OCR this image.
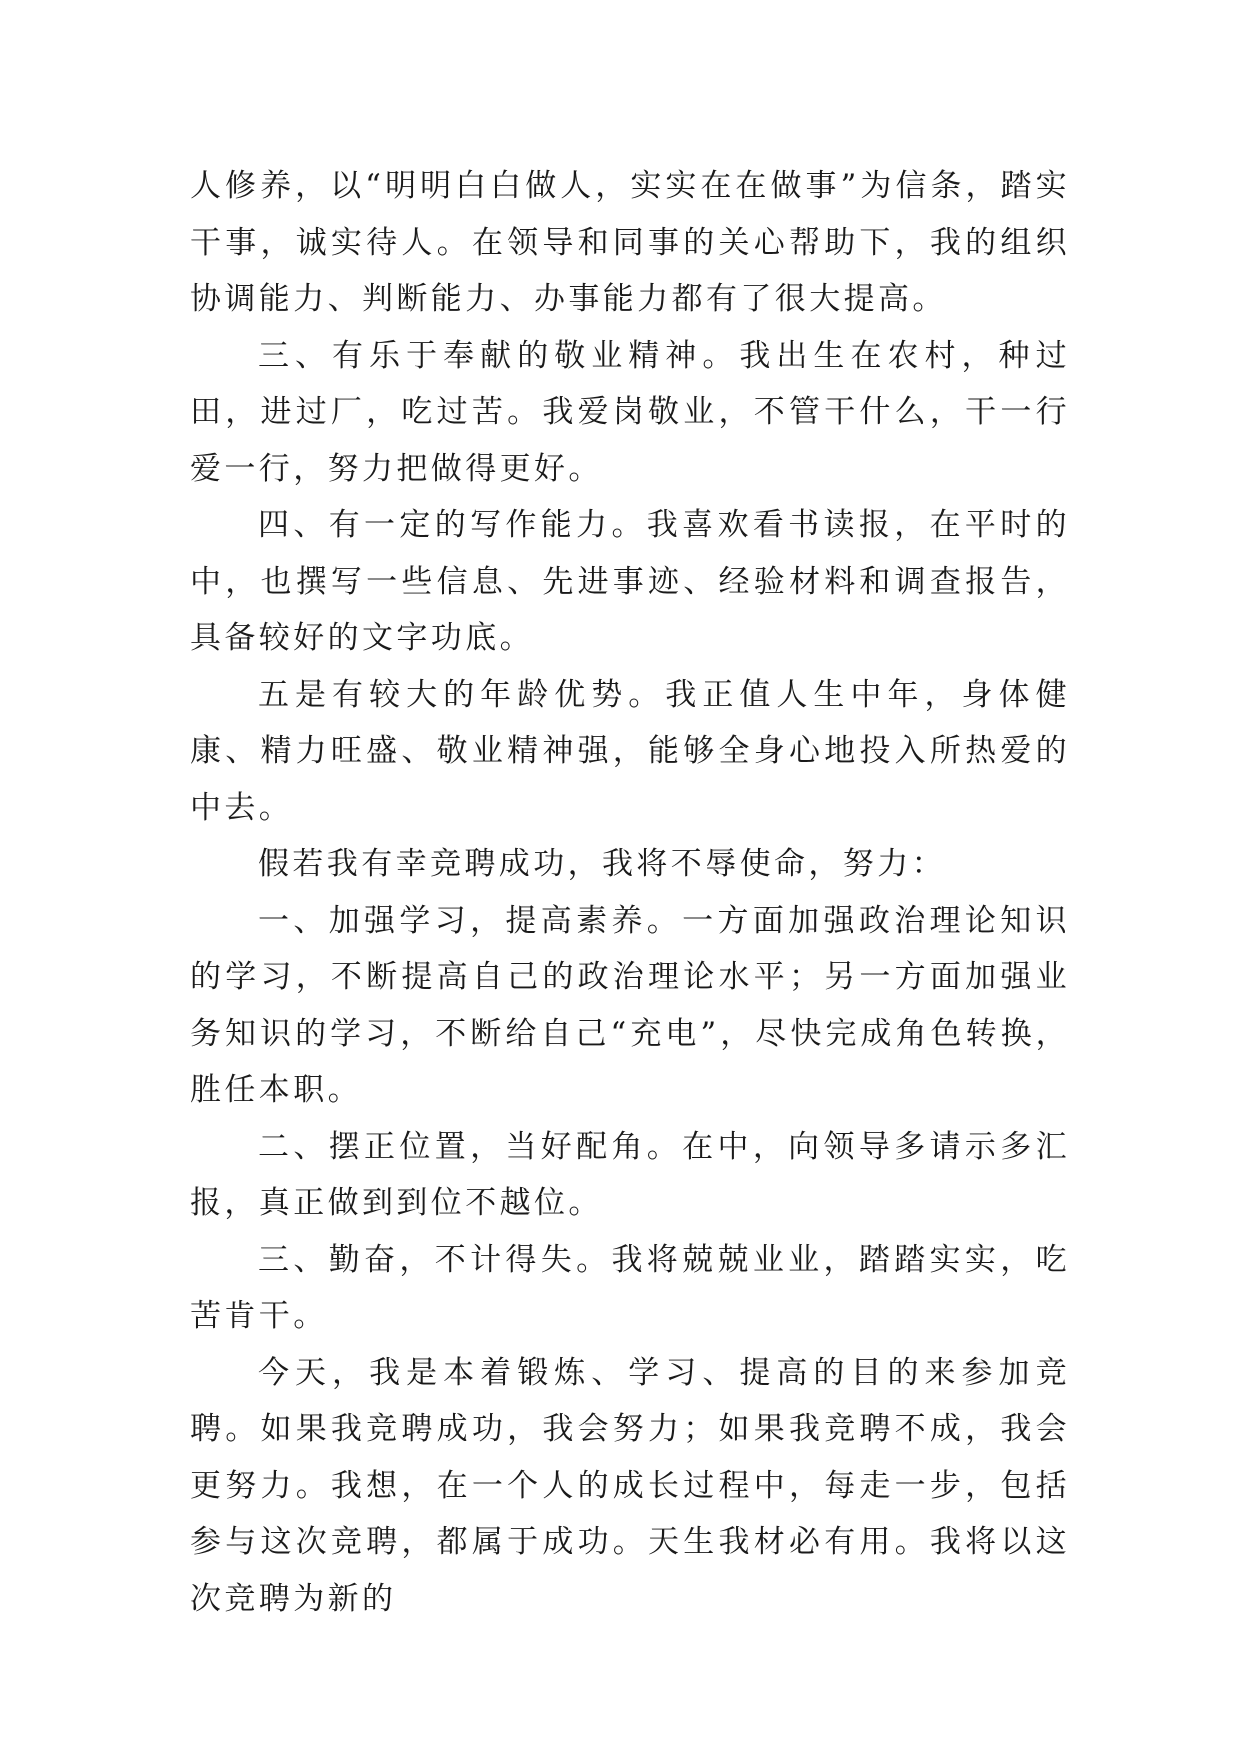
人修养，以“明明白白做人，实实在在做事”为信条，踏实干事，诚实待人。在领导和同事的关心帮助下，我的组织协调能力、判断能力、办事能力都有了很大提高。

三、有乐于奉献的敬业精神。我出生在农村，种过田，进过厂，吃过苦。我爱岗敬业，不管干什么，干一行爱一行，努力把做得更好。

四、有一定的写作能力。我喜欢看书读报，在平时的中，也撰写一些信息、先进事迹、经验材料和调查报告，具备较好的文字功底。

五是有较大的年龄优势。我正值人生中年，身体健康、精力旺盛、敬业精神强，能够全身心地投入所热爱的中去。

假若我有幸竞聘成功，我将不辱使命，努力：

一、加强学习，提高素养。一方面加强政治理论知识的学习，不断提高自己的政治理论水平；另一方面加强业务知识的学习，不断给自己“充电”，尽快完成角色转换，胜任本职。

二、摆正位置，当好配角。在中，向领导多请示多汇报，真正做到到位不越位。

三、勤奋，不计得失。我将兢兢业业，踏踏实实，吃苦肯干。

今天，我是本着锻炼、学习、提高的目的来参加竞聘。如果我竞聘成功，我会努力；如果我竞聘不成，我会更努力。我想，在一个人的成长过程中，每走一步，包括参与这次竞聘，都属于成功。天生我材必有用。我将以这次竞聘为新的
